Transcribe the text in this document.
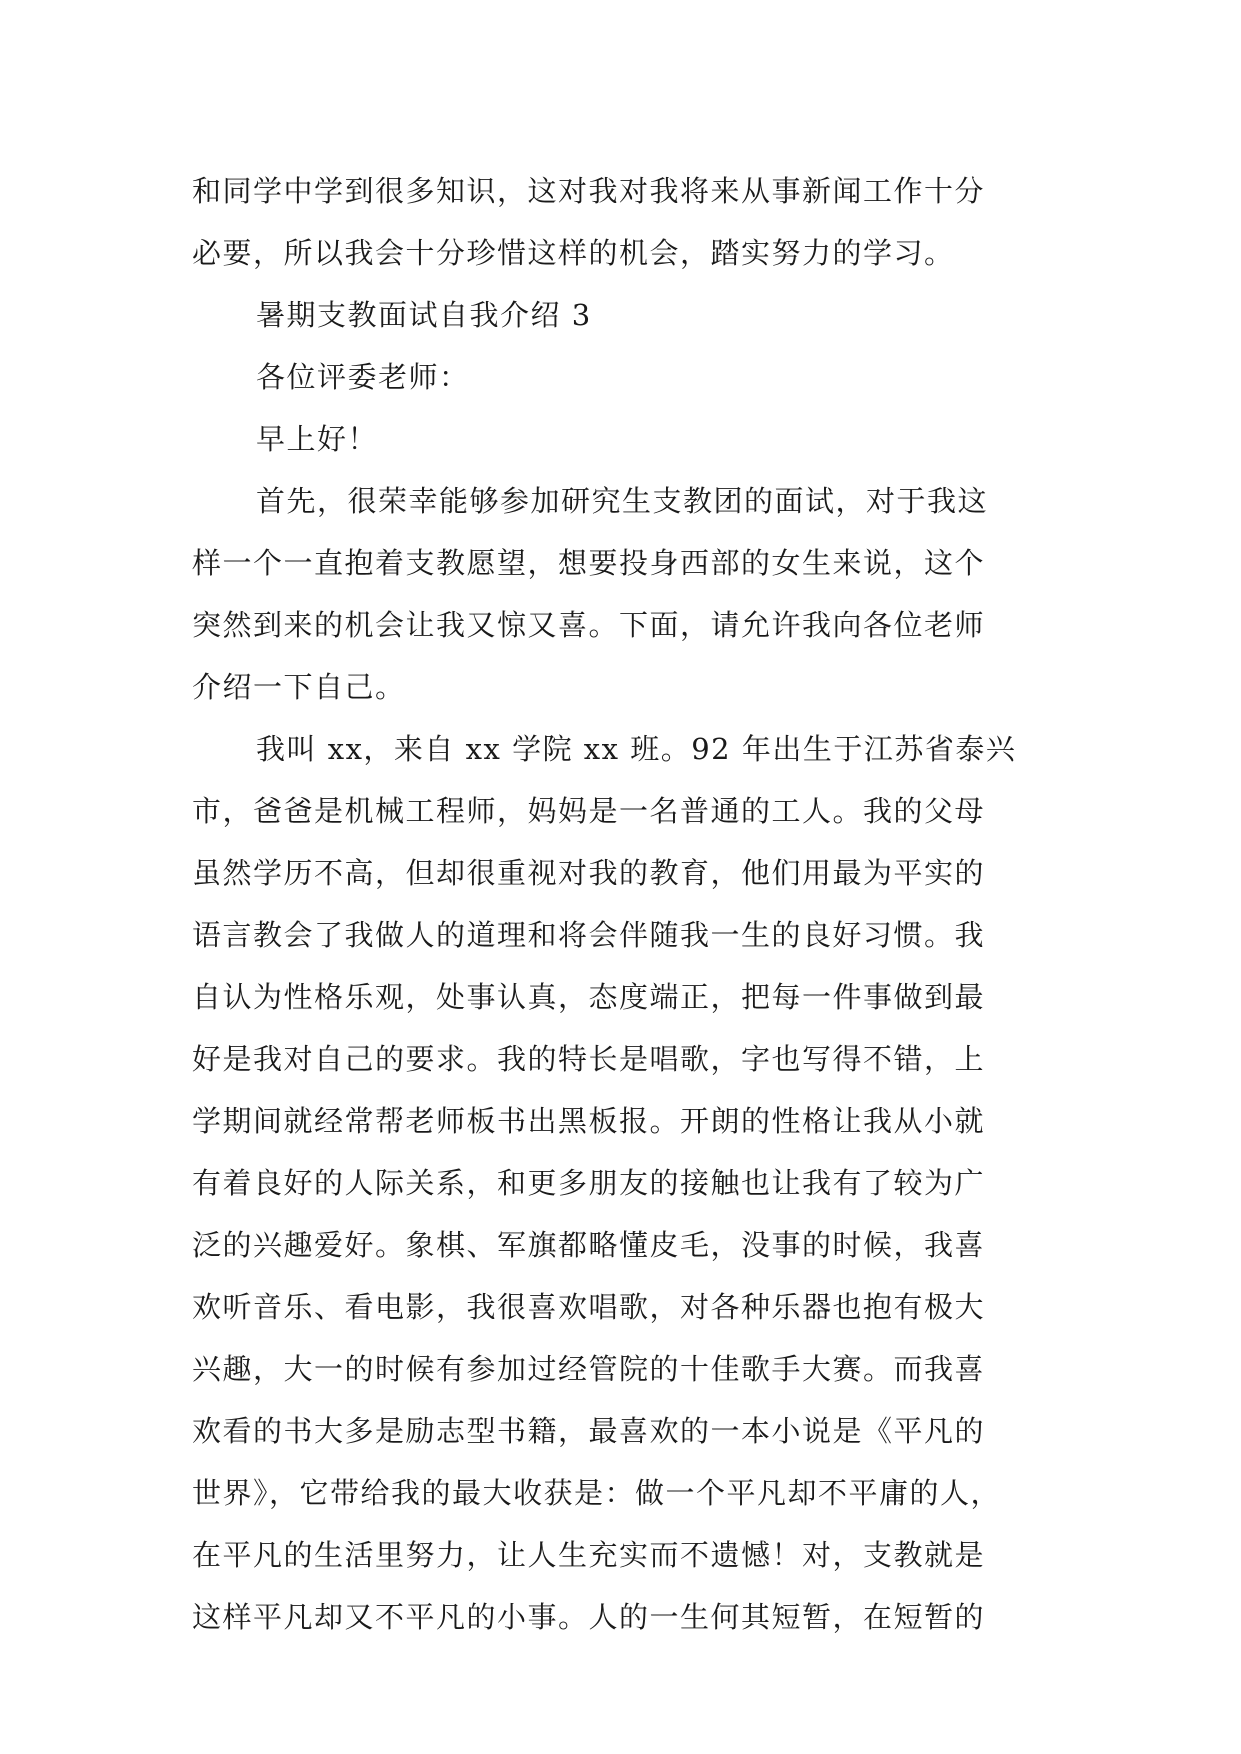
和同学中学到很多知识，这对我对我将来从事新闻工作十分
必要，所以我会十分珍惜这样的机会，踏实努力的学习。
暑期支教面试自我介绍 3
各位评委老师：
早上好！
首先，很荣幸能够参加研究生支教团的面试，对于我这
样一个一直抱着支教愿望，想要投身西部的女生来说，这个
突然到来的机会让我又惊又喜。下面，请允许我向各位老师
介绍一下自己。
我叫 xx，来自 xx 学院 xx 班。92 年出生于江苏省泰兴
市，爸爸是机械工程师，妈妈是一名普通的工人。我的父母
虽然学历不高，但却很重视对我的教育，他们用最为平实的
语言教会了我做人的道理和将会伴随我一生的良好习惯。我
自认为性格乐观，处事认真，态度端正，把每一件事做到最
好是我对自己的要求。我的特长是唱歌，字也写得不错，上
学期间就经常帮老师板书出黑板报。开朗的性格让我从小就
有着良好的人际关系，和更多朋友的接触也让我有了较为广
泛的兴趣爱好。象棋、军旗都略懂皮毛，没事的时候，我喜
欢听音乐、看电影，我很喜欢唱歌，对各种乐器也抱有极大
兴趣，大一的时候有参加过经管院的十佳歌手大赛。而我喜
欢看的书大多是励志型书籍，最喜欢的一本小说是《平凡的
世界》，它带给我的最大收获是：做一个平凡却不平庸的人，
在平凡的生活里努力，让人生充实而不遗憾！对，支教就是
这样平凡却又不平凡的小事。人的一生何其短暂，在短暂的
